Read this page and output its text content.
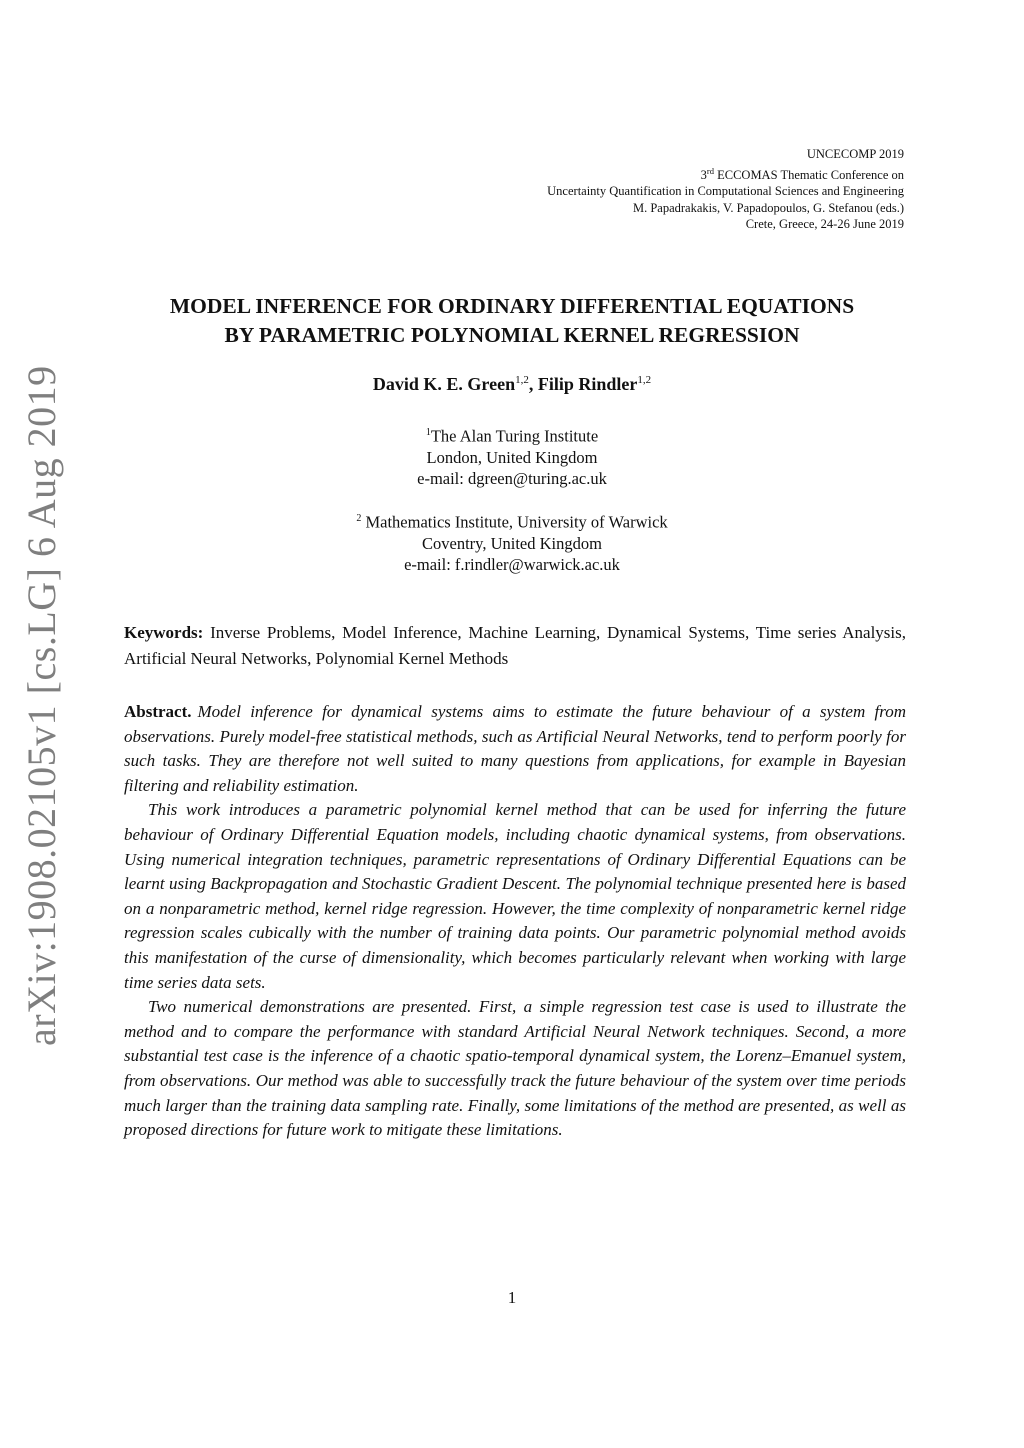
arXiv:1908.02105v1 [cs.LG] 6 Aug 2019
UNCECOMP 2019
3rd ECCOMAS Thematic Conference on
Uncertainty Quantification in Computational Sciences and Engineering
M. Papadrakakis, V. Papadopoulos, G. Stefanou (eds.)
Crete, Greece, 24-26 June 2019
MODEL INFERENCE FOR ORDINARY DIFFERENTIAL EQUATIONS
BY PARAMETRIC POLYNOMIAL KERNEL REGRESSION
David K. E. Green$^{1,2}$, Filip Rindler$^{1,2}$
$^1$The Alan Turing Institute
London, United Kingdom
e-mail: dgreen@turing.ac.uk
$^2$ Mathematics Institute, University of Warwick
Coventry, United Kingdom
e-mail: f.rindler@warwick.ac.uk
Keywords: Inverse Problems, Model Inference, Machine Learning, Dynamical Systems, Time series Analysis, Artificial Neural Networks, Polynomial Kernel Methods

Abstract. Model inference for dynamical systems aims to estimate the future behaviour of a system from observations. Purely model-free statistical methods, such as Artificial Neural Networks, tend to perform poorly for such tasks. They are therefore not well suited to many questions from applications, for example in Bayesian filtering and reliability estimation.

This work introduces a parametric polynomial kernel method that can be used for inferring the future behaviour of Ordinary Differential Equation models, including chaotic dynamical systems, from observations. Using numerical integration techniques, parametric representations of Ordinary Differential Equations can be learnt using Backpropagation and Stochastic Gradient Descent. The polynomial technique presented here is based on a nonparametric method, kernel ridge regression. However, the time complexity of nonparametric kernel ridge regression scales cubically with the number of training data points. Our parametric polynomial method avoids this manifestation of the curse of dimensionality, which becomes particularly relevant when working with large time series data sets.

Two numerical demonstrations are presented. First, a simple regression test case is used to illustrate the method and to compare the performance with standard Artificial Neural Network techniques. Second, a more substantial test case is the inference of a chaotic spatio-temporal dynamical system, the Lorenz–Emanuel system, from observations. Our method was able to successfully track the future behaviour of the system over time periods much larger than the training data sampling rate. Finally, some limitations of the method are presented, as well as proposed directions for future work to mitigate these limitations.

1
